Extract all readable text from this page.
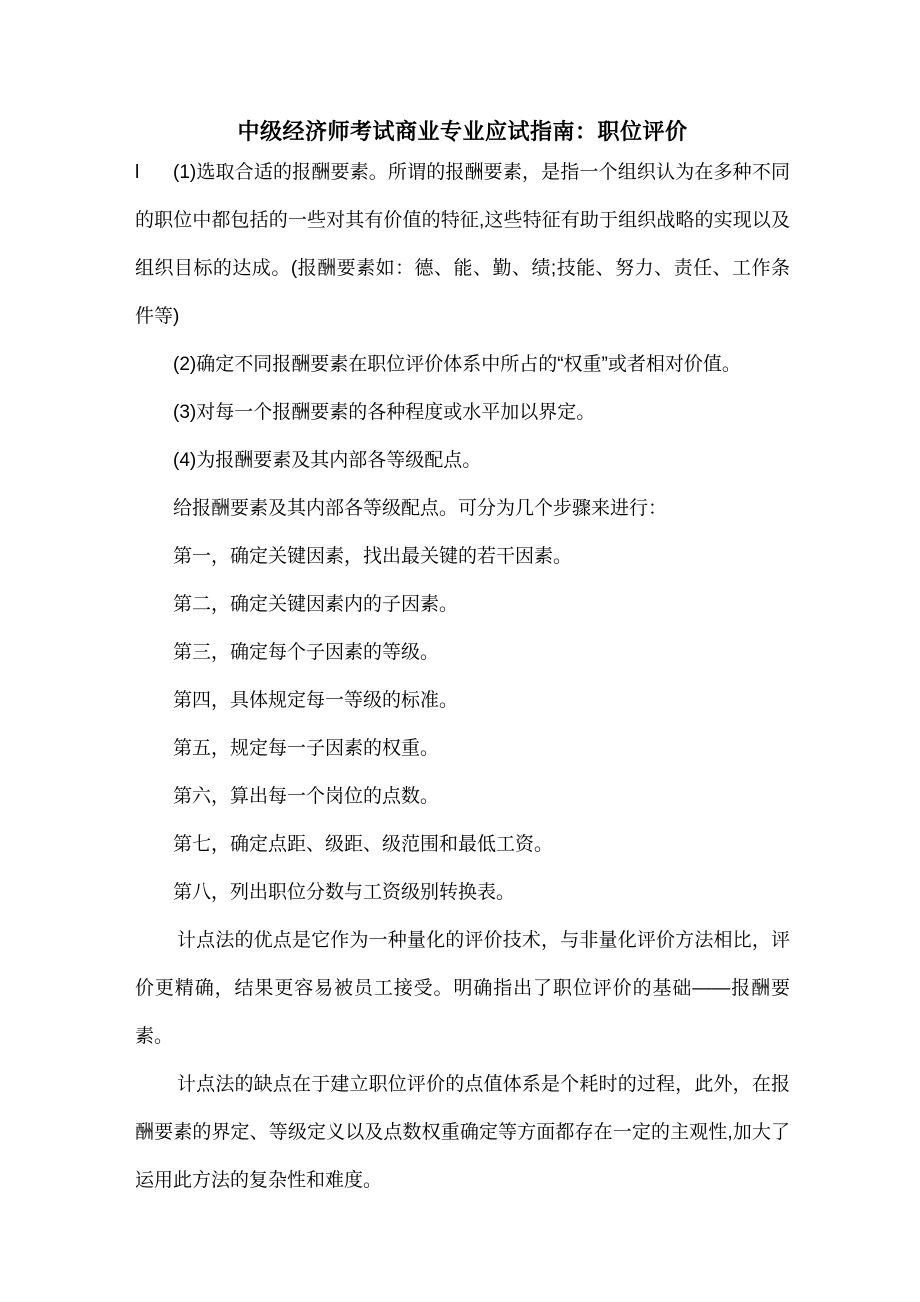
中级经济师考试商业专业应试指南：职位评价
l	(1)选取合适的报酬要素。所谓的报酬要素，是指一个组织认为在多种不同的职位中都包括的一些对其有价值的特征,这些特征有助于组织战略的实现以及组织目标的达成。(报酬要素如：德、能、勤、绩;技能、努力、责任、工作条件等)

(2)确定不同报酬要素在职位评价体系中所占的“权重”或者相对价值。

(3)对每一个报酬要素的各种程度或水平加以界定。

(4)为报酬要素及其内部各等级配点。

给报酬要素及其内部各等级配点。可分为几个步骤来进行：

第一，确定关键因素，找出最关键的若干因素。

第二，确定关键因素内的子因素。

第三，确定每个子因素的等级。

第四，具体规定每一等级的标准。

第五，规定每一子因素的权重。

第六，算出每一个岗位的点数。

第七，确定点距、级距、级范围和最低工资。

第八，列出职位分数与工资级别转换表。

计点法的优点是它作为一种量化的评价技术，与非量化评价方法相比，评价更精确，结果更容易被员工接受。明确指出了职位评价的基础——报酬要素。

计点法的缺点在于建立职位评价的点值体系是个耗时的过程，此外，在报酬要素的界定、等级定义以及点数权重确定等方面都存在一定的主观性,加大了运用此方法的复杂性和难度。
